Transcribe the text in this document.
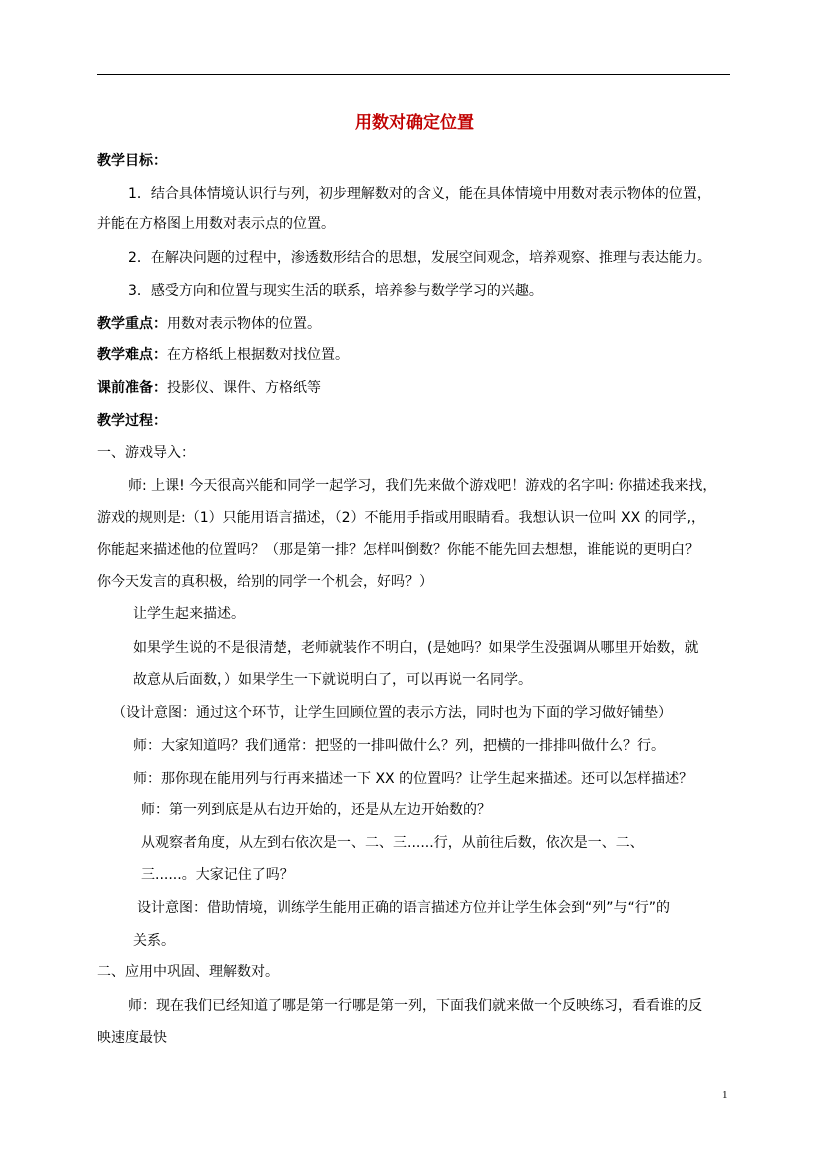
用数对确定位置
教学目标：
1．结合具体情境认识行与列，初步理解数对的含义，能在具体情境中用数对表示物体的位置，
并能在方格图上用数对表示点的位置。
2．在解决问题的过程中，渗透数形结合的思想，发展空间观念，培养观察、推理与表达能力。
3．感受方向和位置与现实生活的联系，培养参与数学学习的兴趣。
教学重点：用数对表示物体的位置。
教学难点：在方格纸上根据数对找位置。
课前准备：投影仪、课件、方格纸等
教学过程：
一、游戏导入：
师: 上课! 今天很高兴能和同学一起学习，我们先来做个游戏吧！游戏的名字叫: 你描述我来找，
游戏的规则是:（1）只能用语言描述，（2）不能用手指或用眼睛看。我想认识一位叫 XX 的同学,，
你能起来描述他的位置吗？（那是第一排？怎样叫倒数？你能不能先回去想想，谁能说的更明白？
你今天发言的真积极，给别的同学一个机会，好吗？）
让学生起来描述。
如果学生说的不是很清楚，老师就装作不明白，(是她吗？如果学生没强调从哪里开始数，就
故意从后面数，）如果学生一下就说明白了，可以再说一名同学。
（设计意图：通过这个环节，让学生回顾位置的表示方法，同时也为下面的学习做好铺垫）
师：大家知道吗？我们通常：把竖的一排叫做什么？列，把横的一排排叫做什么？行。
师：那你现在能用列与行再来描述一下 XX 的位置吗？让学生起来描述。还可以怎样描述？
师：第一列到底是从右边开始的，还是从左边开始数的？
从观察者角度，从左到右依次是一、二、三......行，从前往后数，依次是一、二、
三......。大家记住了吗？
设计意图：借助情境，训练学生能用正确的语言描述方位并让学生体会到“列”与“行”的
关系。
二、应用中巩固、理解数对。
师：现在我们已经知道了哪是第一行哪是第一列，下面我们就来做一个反映练习，看看谁的反
映速度最快
1
